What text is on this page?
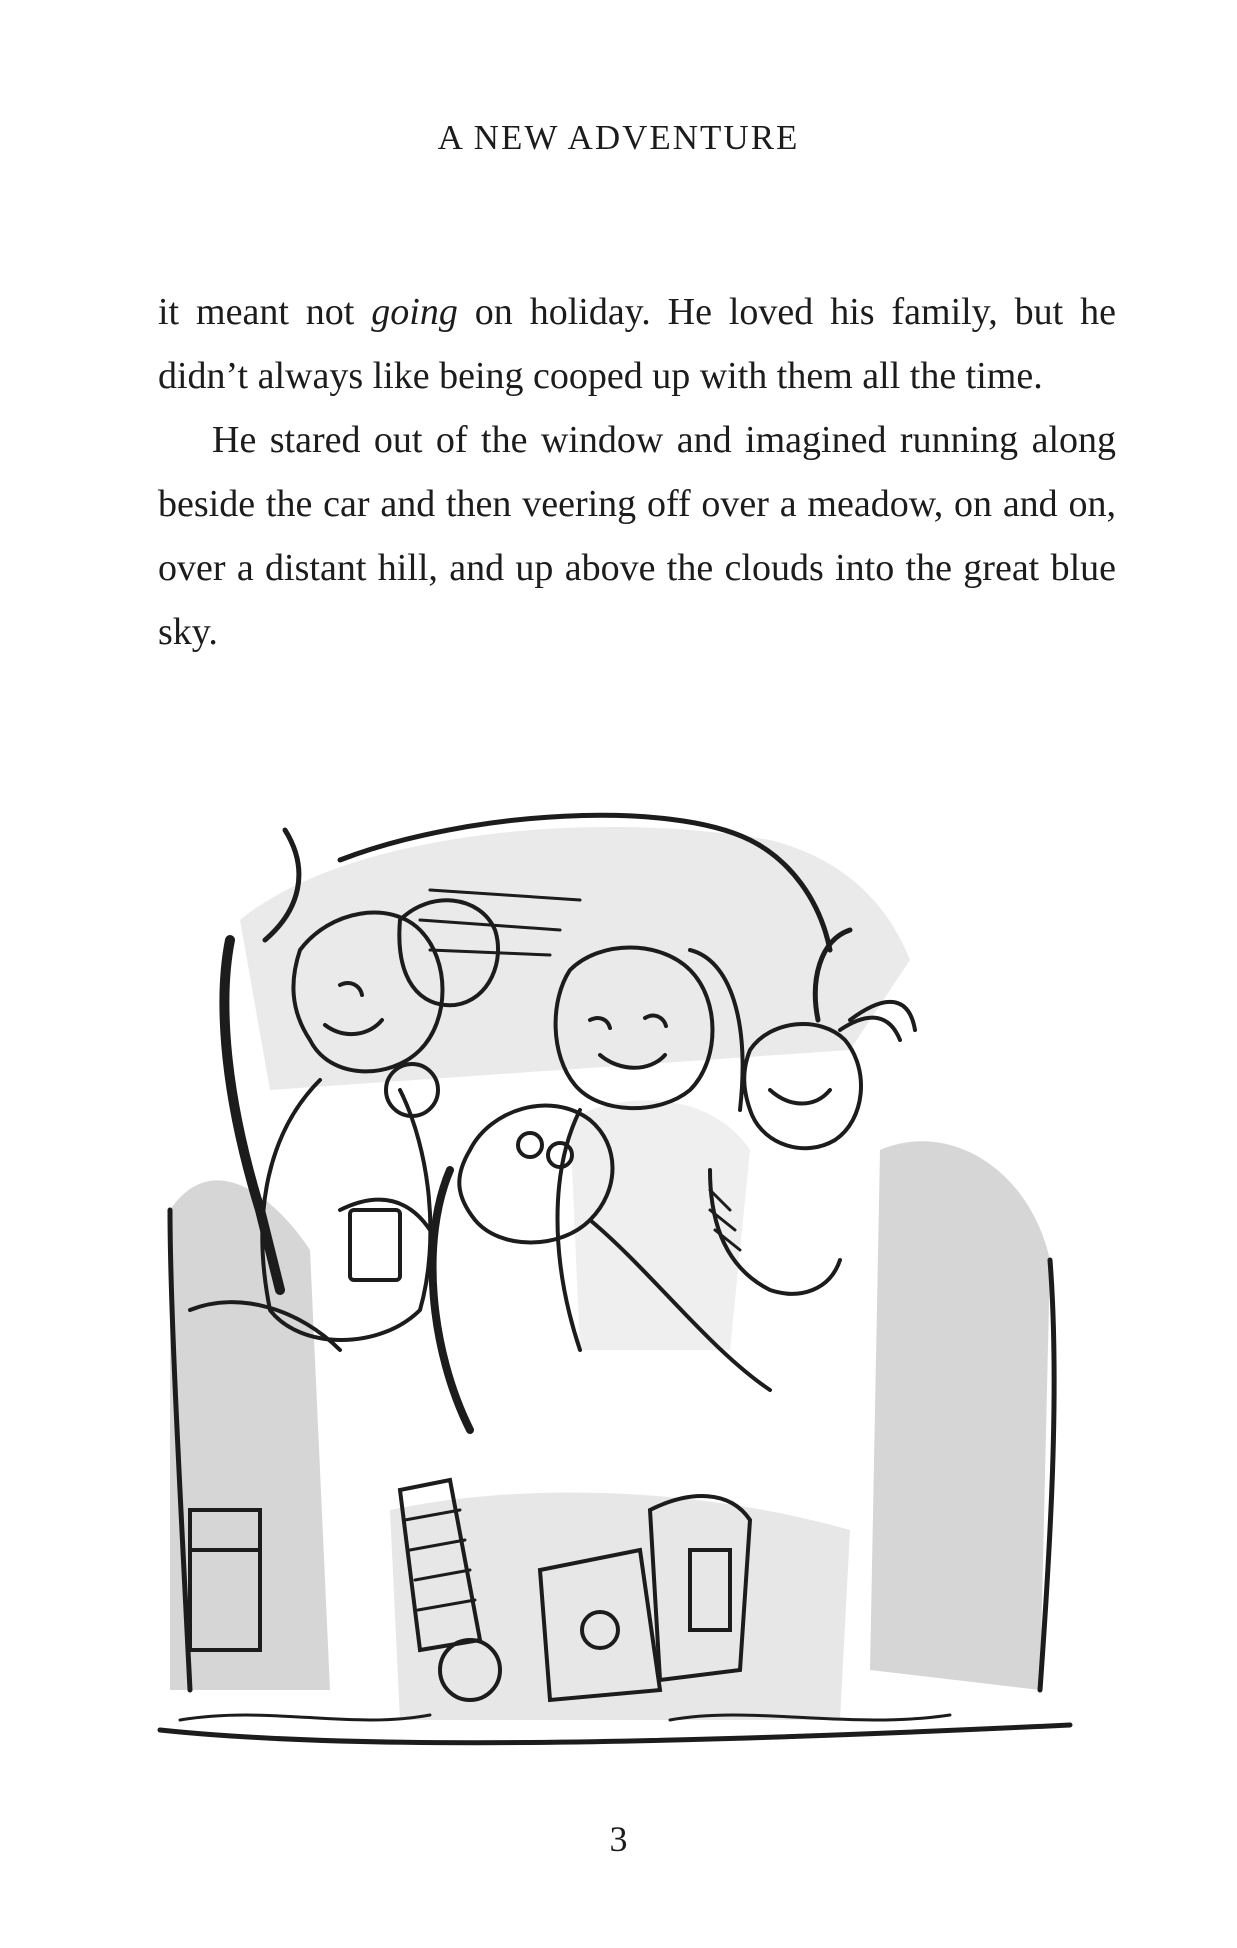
A NEW ADVENTURE

it meant not going on holiday. He loved his family, but he didn’t always like being cooped up with them all the time.

He stared out of the window and imagined running along beside the car and then veering off over a meadow, on and on, over a distant hill, and up above the clouds into the great blue sky.

3
